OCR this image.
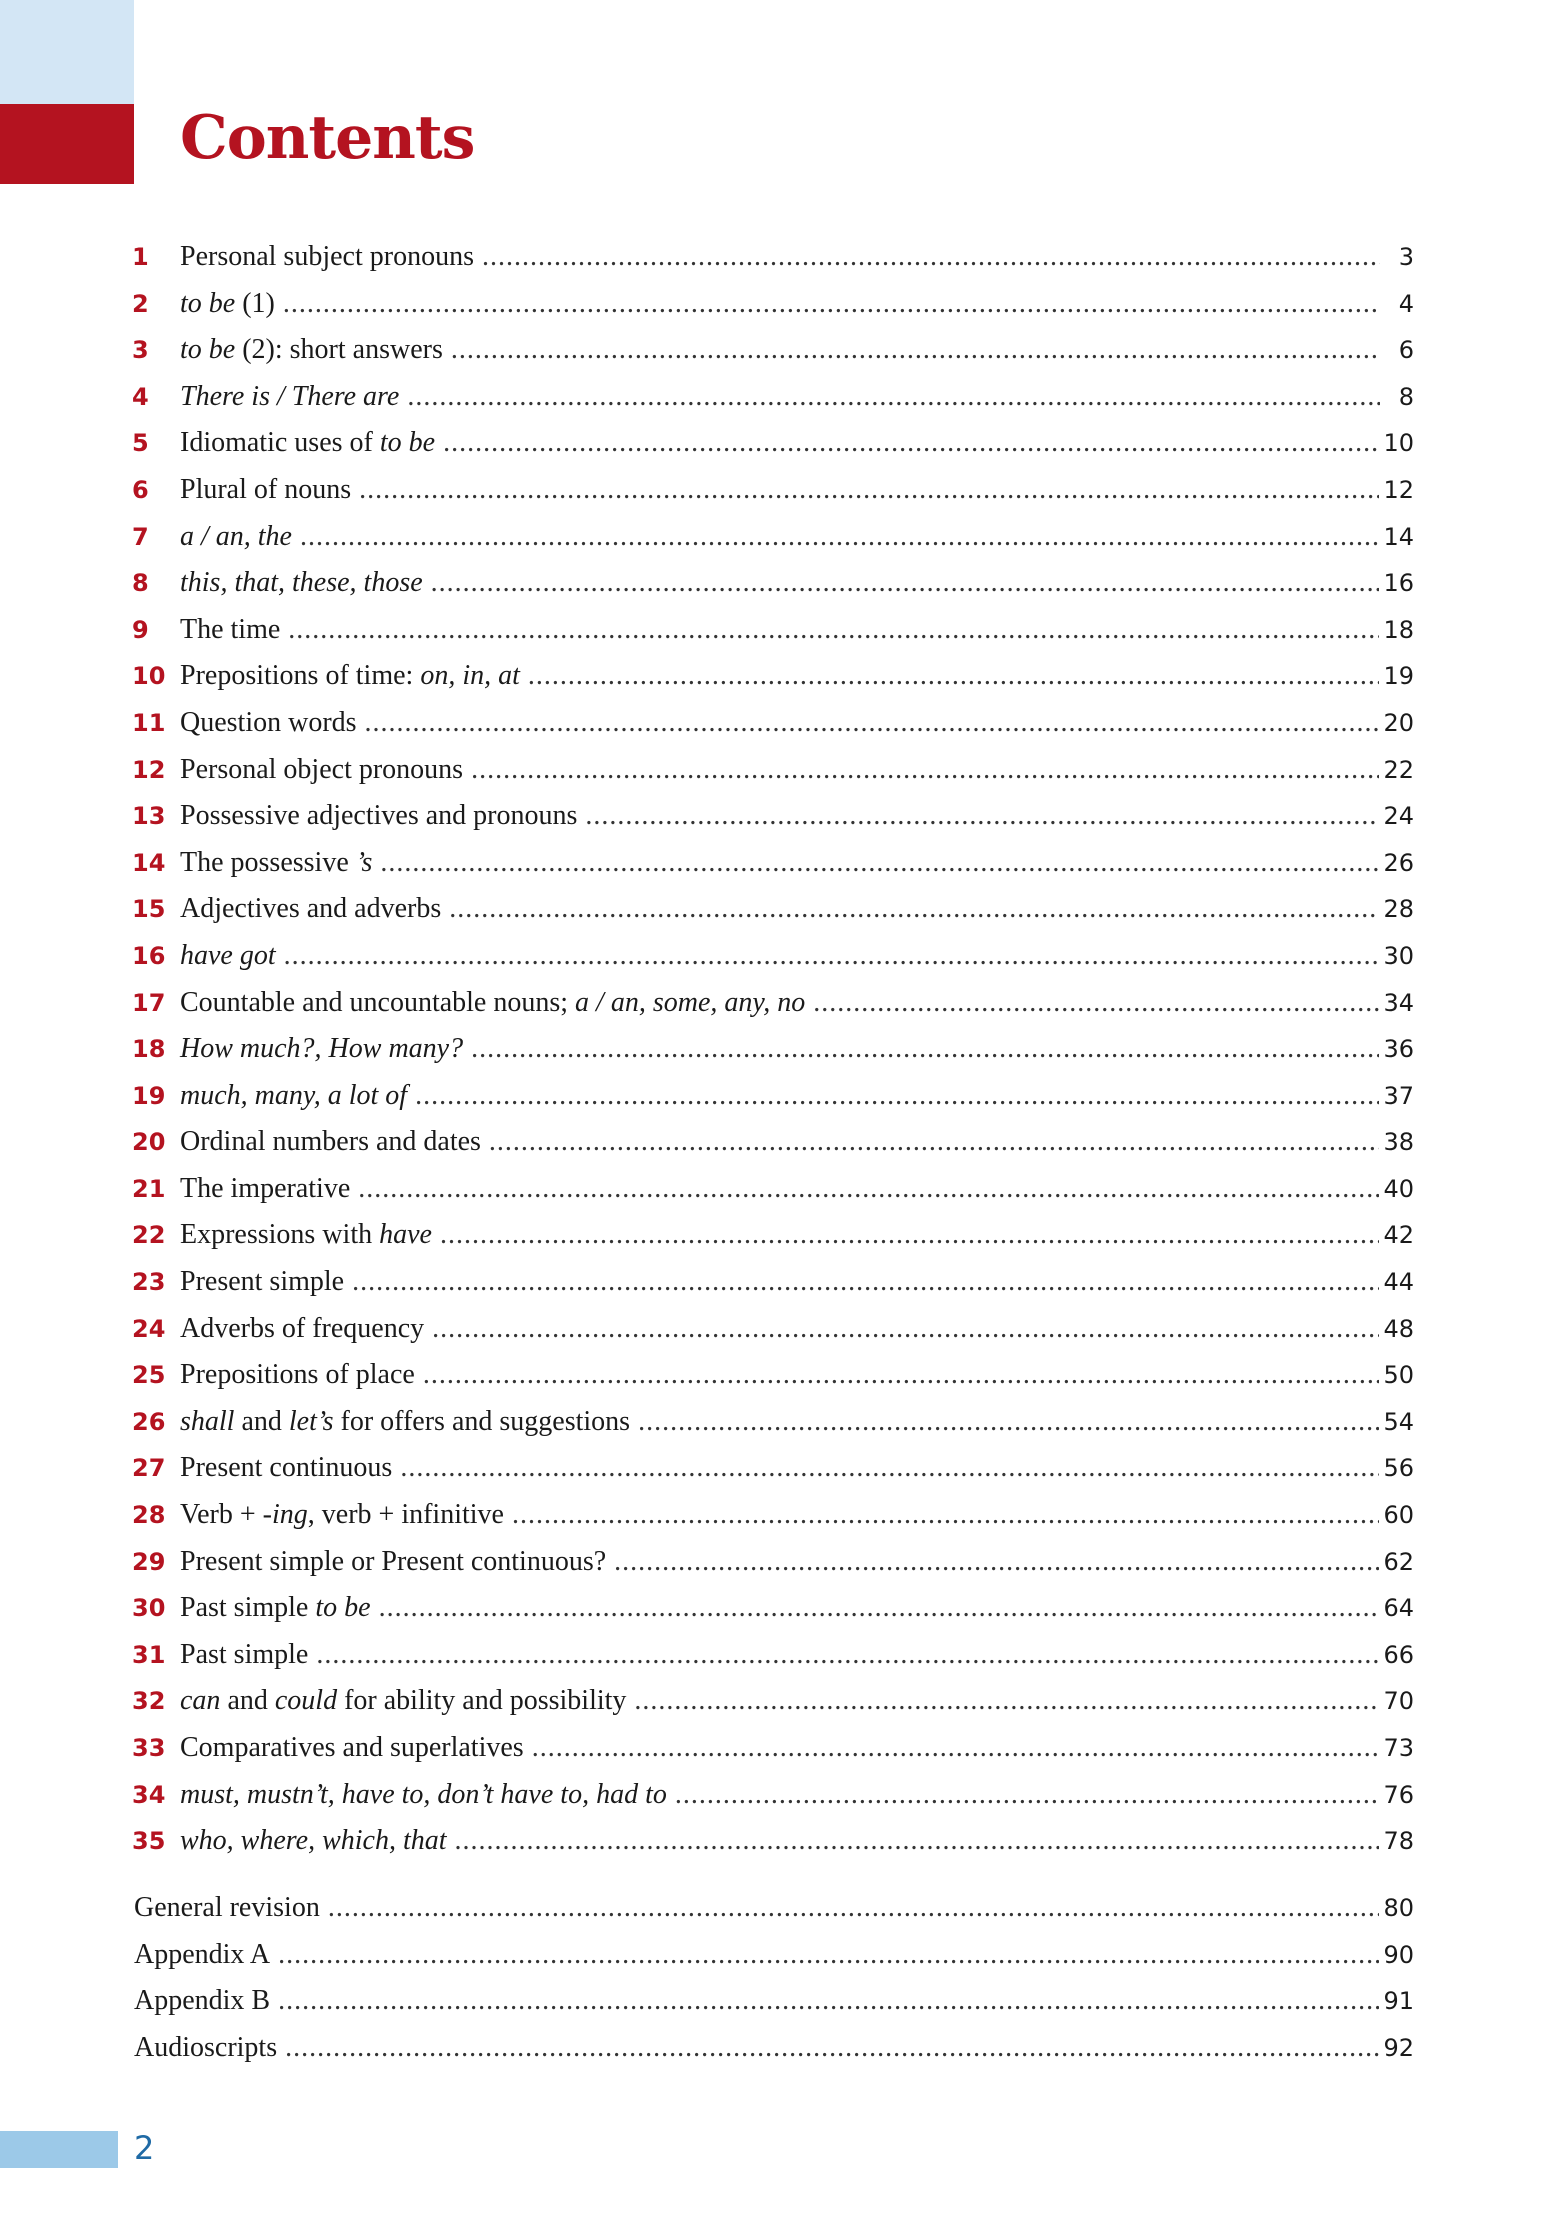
Contents
1	Personal subject pronouns .....	3
2	to be (1) .....	4
3	to be (2): short answers .....	6
4	There is / There are .....	8
5	Idiomatic uses of to be .....	10
6	Plural of nouns .....	12
7	a / an, the .....	14
8	this, that, these, those .....	16
9	The time .....	18
10 Prepositions of time: on, in, at .....	19
11 Question words .....	20
12 Personal object pronouns .....	22
13 Possessive adjectives and pronouns .....	24
14 The possessive ’s .....	26
15 Adjectives and adverbs .....	28
16 have got .....	30
17 Countable and uncountable nouns; a / an, some, any, no .....	34
18 How much?, How many? .....	36
19 much, many, a lot of .....	37
20 Ordinal numbers and dates .....	38
21 The imperative .....	40
22 Expressions with have .....	42
23 Present simple .....	44
24 Adverbs of frequency .....	48
25 Prepositions of place .....	50
26 shall and let’s for offers and suggestions .....	54
27 Present continuous .....	56
28 Verb + -ing, verb + infinitive .....	60
29 Present simple or Present continuous? .....	62
30 Past simple to be .....	64
31 Past simple .....	66
32 can and could for ability and possibility .....	70
33 Comparatives and superlatives .....	73
34 must, mustn’t, have to, don’t have to, had to .....	76
35 who, where, which, that .....	78
General revision .....	80
Appendix A .....	90
Appendix B .....	91
Audioscripts .....	92
2
